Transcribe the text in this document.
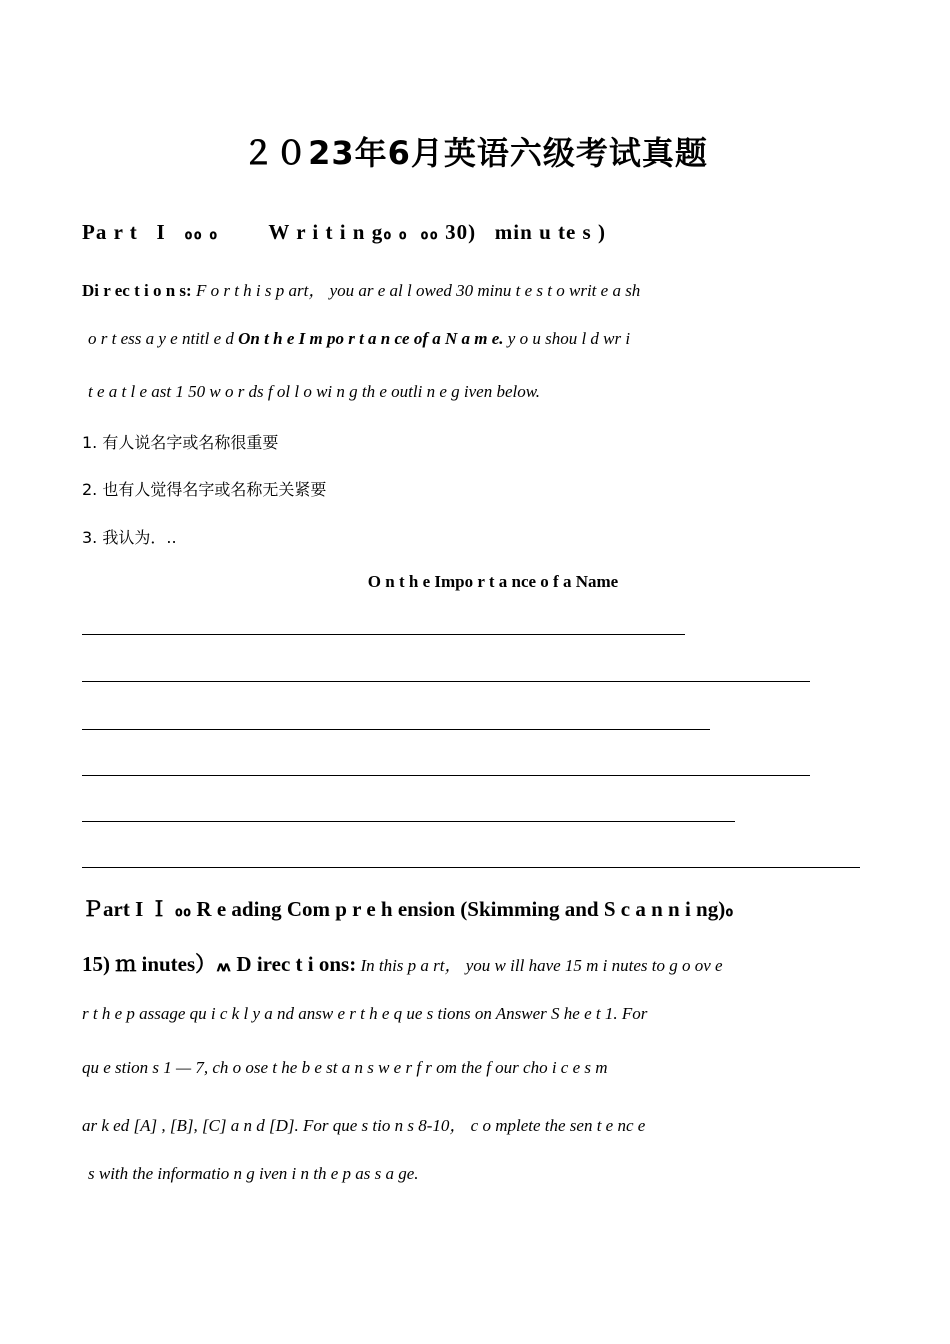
２０23年6月英语六级考试真题
Pa r t   I   ៰៰ ៰        W r i t i n g៰ ៰  ៰៰ 30)   min u te s )
Di r ec t i o n s: F o r t h i s p art， you ar e al l owed 30 minu t e s t o writ e a sh
o r t ess a y e ntitl e d On t h e I m po r t a n ce of a N a m e. y o u shou l d wr i
t e a t l e ast 1 50 w o r ds f ol l o wi n g th e outli n e g iven below.
1. 有人说名字或名称很重要
2. 也有人觉得名字或名称无关紧要
3. 我认为．..
O n t h e Impo r t a nce o f a Name
Ｐart I Ｉ ៰៰ R e ading Com p r e h ension (Skimming and S c a n n i ng)៰
15) ｍ inutes）៳ D irec t i ons: In this p a rt， you w ill have 15 m i nutes to g o ov e
r t h e p assage qu i c k l y a nd answ e r t h e q ue s tions on Answer S he e t 1. For
qu e stion s 1 — 7, ch o ose t he b e st a n s w e r f r om the f our cho i c e s m
ar k ed [A] , [B], [C] a n d [D]. For que s tio n s 8-10， c o mplete the sen t e nc e
s with the informatio n g iven i n th e p as s a ge.
